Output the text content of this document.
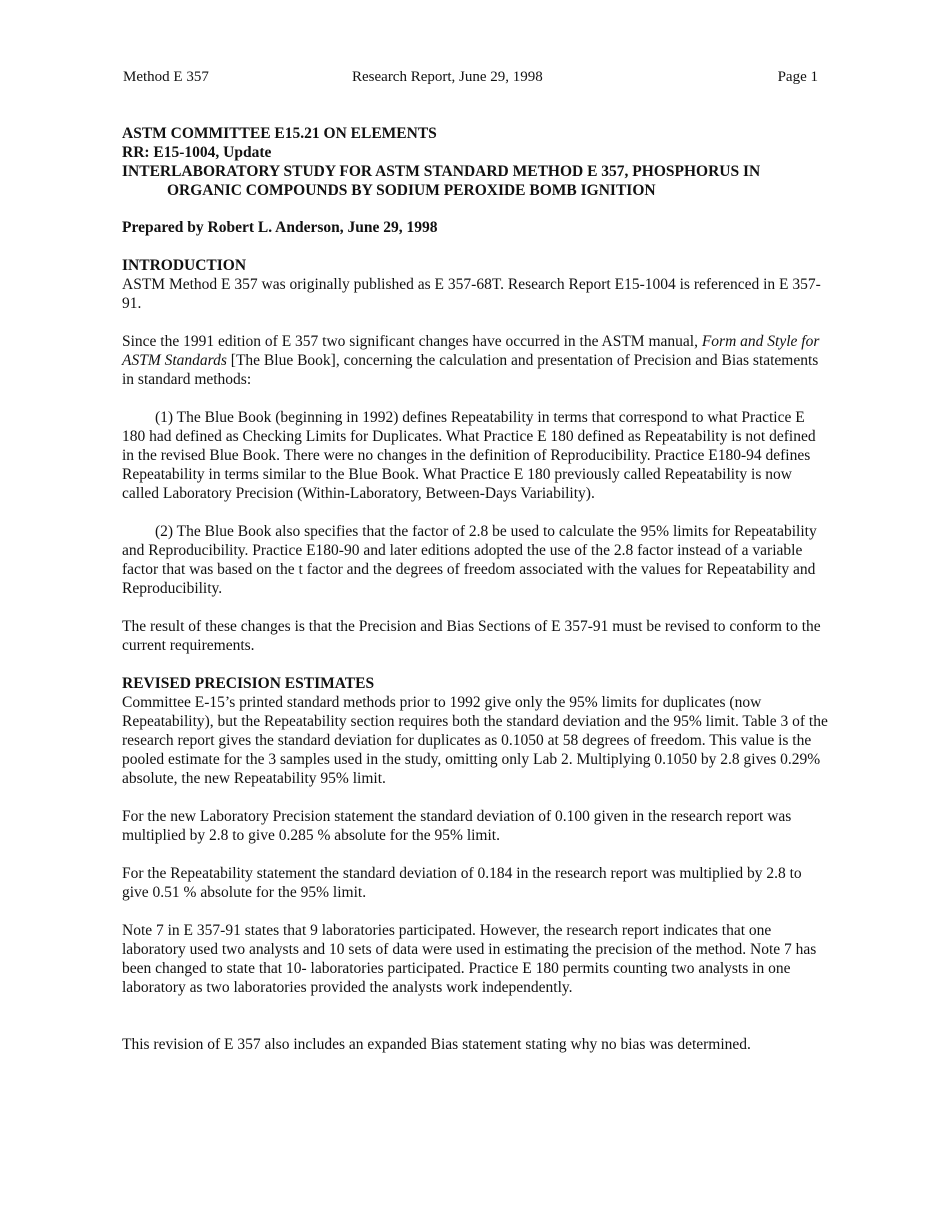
Method E 357	Research Report, June 29, 1998	Page 1
ASTM COMMITTEE E15.21 ON ELEMENTS
RR: E15-1004, Update
INTERLABORATORY STUDY FOR ASTM STANDARD METHOD E 357, PHOSPHORUS IN
ORGANIC COMPOUNDS BY SODIUM PEROXIDE BOMB IGNITION
Prepared by Robert L. Anderson, June 29, 1998
INTRODUCTION

ASTM Method E 357 was originally published as E 357-68T. Research Report E15-1004 is referenced in E 357-91.

Since the 1991 edition of E 357 two significant changes have occurred in the ASTM manual, Form and Style for ASTM Standards [The Blue Book], concerning the calculation and presentation of Precision and Bias statements in standard methods:

(1) The Blue Book (beginning in 1992) defines Repeatability in terms that correspond to what Practice E 180 had defined as Checking Limits for Duplicates. What Practice E 180 defined as Repeatability is not defined in the revised Blue Book. There were no changes in the definition of Reproducibility. Practice E180-94 defines Repeatability in terms similar to the Blue Book. What Practice E 180 previously called Repeatability is now called Laboratory Precision (Within-Laboratory, Between-Days Variability).

(2) The Blue Book also specifies that the factor of 2.8 be used to calculate the 95% limits for Repeatability and Reproducibility. Practice E180-90 and later editions adopted the use of the 2.8 factor instead of a variable factor that was based on the t factor and the degrees of freedom associated with the values for Repeatability and Reproducibility.

The result of these changes is that the Precision and Bias Sections of E 357-91 must be revised to conform to the current requirements.

REVISED PRECISION ESTIMATES

Committee E-15’s printed standard methods prior to 1992 give only the 95% limits for duplicates (now Repeatability), but the Repeatability section requires both the standard deviation and the 95% limit. Table 3 of the research report gives the standard deviation for duplicates as 0.1050 at 58 degrees of freedom. This value is the pooled estimate for the 3 samples used in the study, omitting only Lab 2. Multiplying 0.1050 by 2.8 gives 0.29% absolute, the new Repeatability 95% limit.

For the new Laboratory Precision statement the standard deviation of 0.100 given in the research report was multiplied by 2.8 to give 0.285 % absolute for the 95% limit.

For the Repeatability statement the standard deviation of 0.184 in the research report was multiplied by 2.8 to give 0.51 % absolute for the 95% limit.

Note 7 in E 357-91 states that 9 laboratories participated. However, the research report indicates that one laboratory used two analysts and 10 sets of data were used in estimating the precision of the method. Note 7 has been changed to state that 10- laboratories participated. Practice E 180 permits counting two analysts in one laboratory as two laboratories provided the analysts work independently.

This revision of E 357 also includes an expanded Bias statement stating why no bias was determined.
